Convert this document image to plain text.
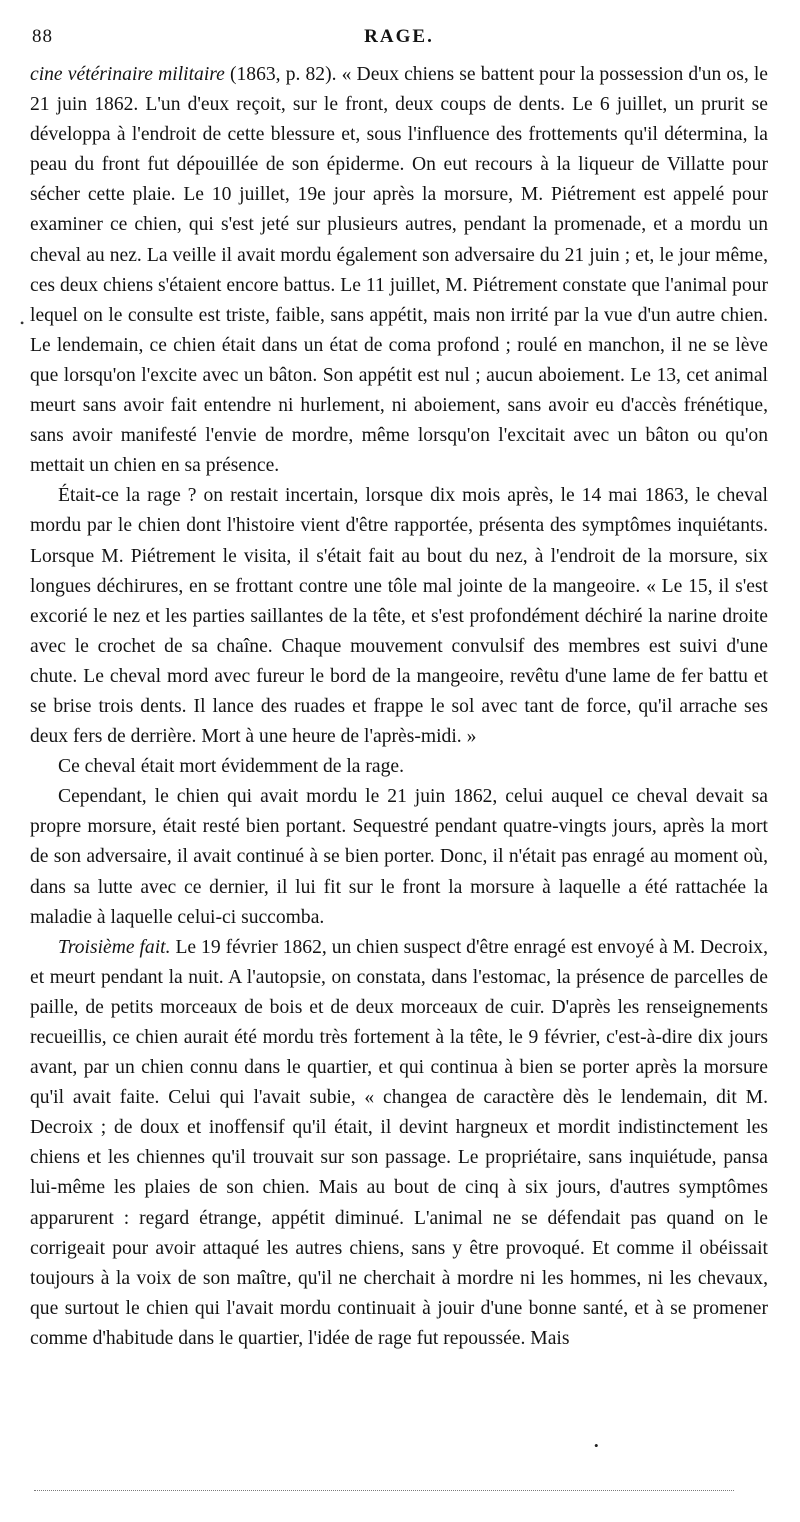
88	RAGE.

cine vétérinaire militaire (1863, p. 82). « Deux chiens se battent pour la possession d'un os, le 21 juin 1862. L'un d'eux reçoit, sur le front, deux coups de dents. Le 6 juillet, un prurit se développa à l'endroit de cette blessure et, sous l'influence des frottements qu'il détermina, la peau du front fut dépouillée de son épiderme. On eut recours à la liqueur de Villatte pour sécher cette plaie. Le 10 juillet, 19e jour après la morsure, M. Piétrement est appelé pour examiner ce chien, qui s'est jeté sur plusieurs autres, pendant la promenade, et a mordu un cheval au nez. La veille il avait mordu également son adversaire du 21 juin ; et, le jour même, ces deux chiens s'étaient encore battus. Le 11 juillet, M. Piétrement constate que l'animal pour lequel on le consulte est triste, faible, sans appétit, mais non irrité par la vue d'un autre chien. Le lendemain, ce chien était dans un état de coma profond ; roulé en manchon, il ne se lève que lorsqu'on l'excite avec un bâton. Son appétit est nul ; aucun aboiement. Le 13, cet animal meurt sans avoir fait entendre ni hurlement, ni aboiement, sans avoir eu d'accès frénétique, sans avoir manifesté l'envie de mordre, même lorsqu'on l'excitait avec un bâton ou qu'on mettait un chien en sa présence.

Était-ce la rage ? on restait incertain, lorsque dix mois après, le 14 mai 1863, le cheval mordu par le chien dont l'histoire vient d'être rapportée, présenta des symptômes inquiétants. Lorsque M. Piétrement le visita, il s'était fait au bout du nez, à l'endroit de la morsure, six longues déchirures, en se frottant contre une tôle mal jointe de la mangeoire. « Le 15, il s'est excorié le nez et les parties saillantes de la tête, et s'est profondément déchiré la narine droite avec le crochet de sa chaîne. Chaque mouvement convulsif des membres est suivi d'une chute. Le cheval mord avec fureur le bord de la mangeoire, revêtu d'une lame de fer battu et se brise trois dents. Il lance des ruades et frappe le sol avec tant de force, qu'il arrache ses deux fers de derrière. Mort à une heure de l'après-midi. »

Ce cheval était mort évidemment de la rage.

Cependant, le chien qui avait mordu le 21 juin 1862, celui auquel ce cheval devait sa propre morsure, était resté bien portant. Sequestré pendant quatre-vingts jours, après la mort de son adversaire, il avait continué à se bien porter. Donc, il n'était pas enragé au moment où, dans sa lutte avec ce dernier, il lui fit sur le front la morsure à laquelle a été rattachée la maladie à laquelle celui-ci succomba.

Troisième fait. Le 19 février 1862, un chien suspect d'être enragé est envoyé à M. Decroix, et meurt pendant la nuit. A l'autopsie, on constata, dans l'estomac, la présence de parcelles de paille, de petits morceaux de bois et de deux morceaux de cuir. D'après les renseignements recueillis, ce chien aurait été mordu très fortement à la tête, le 9 février, c'est-à-dire dix jours avant, par un chien connu dans le quartier, et qui continua à bien se porter après la morsure qu'il avait faite. Celui qui l'avait subie, « changea de caractère dès le lendemain, dit M. Decroix ; de doux et inoffensif qu'il était, il devint hargneux et mordit indistinctement les chiens et les chiennes qu'il trouvait sur son passage. Le propriétaire, sans inquiétude, pansa lui-même les plaies de son chien. Mais au bout de cinq à six jours, d'autres symptômes apparurent : regard étrange, appétit diminué. L'animal ne se défendait pas quand on le corrigeait pour avoir attaqué les autres chiens, sans y être provoqué. Et comme il obéissait toujours à la voix de son maître, qu'il ne cherchait à mordre ni les hommes, ni les chevaux, que surtout le chien qui l'avait mordu continuait à jouir d'une bonne santé, et à se promener comme d'habitude dans le quartier, l'idée de rage fut repoussée. Mais

•
•
